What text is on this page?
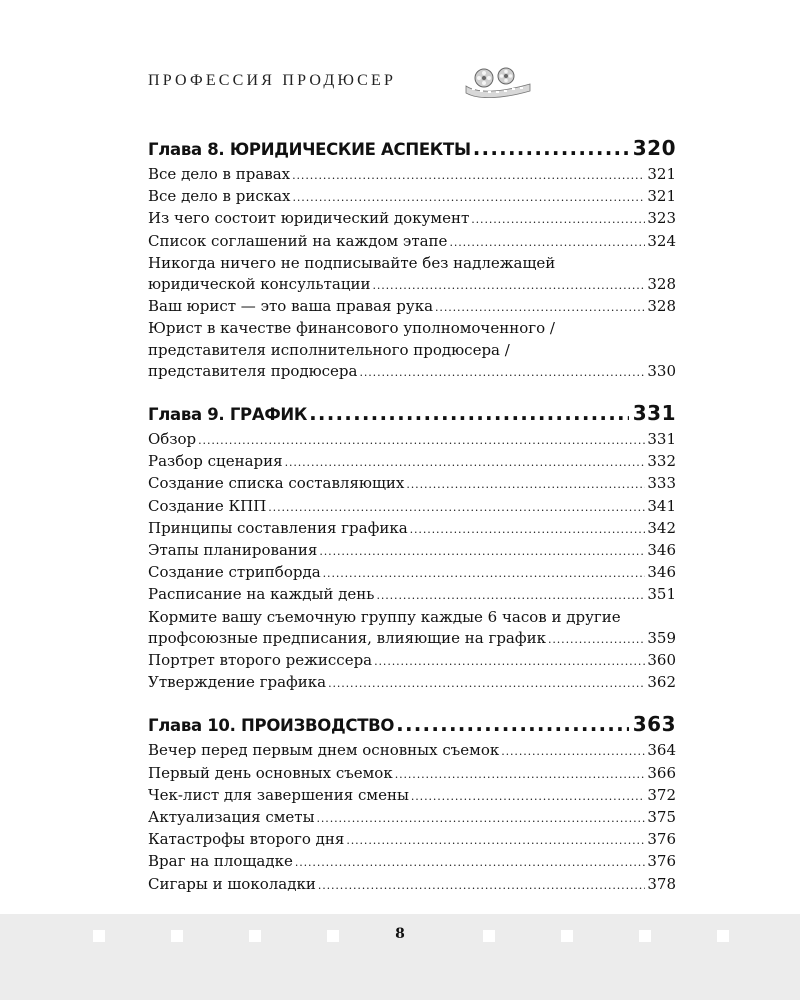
ПРОФЕССИЯ ПРОДЮСЕР
Глава 8. ЮРИДИЧЕСКИЕ АСПЕКТЫ .....	320
Все дело в правах .....	321
Все дело в рисках .....	321
Из чего состоит юридический документ .....	323
Список соглашений на каждом этапе .....	324
Никогда ничего не подписывайте без надлежащей
юридической консультации .....	328
Ваш юрист — это ваша правая рука .....	328
Юрист в качестве финансового уполномоченного /
представителя исполнительного продюсера /
представителя продюсера .....	330
Глава 9. ГРАФИК .....	331
Обзор .....	331
Разбор сценария .....	332
Создание списка составляющих .....	333
Создание КПП .....	341
Принципы составления графика .....	342
Этапы планирования .....	346
Создание стрипборда .....	346
Расписание на каждый день .....	351
Кормите вашу съемочную группу каждые 6 часов и другие
профсоюзные предписания, влияющие на график .....	359
Портрет второго режиссера .....	360
Утверждение графика .....	362
Глава 10. ПРОИЗВОДСТВО .....	363
Вечер перед первым днем основных съемок .....	364
Первый день основных съемок .....	366
Чек-лист для завершения смены .....	372
Актуализация сметы .....	375
Катастрофы второго дня .....	376
Враг на площадке .....	376
Сигары и шоколадки .....	378
8
